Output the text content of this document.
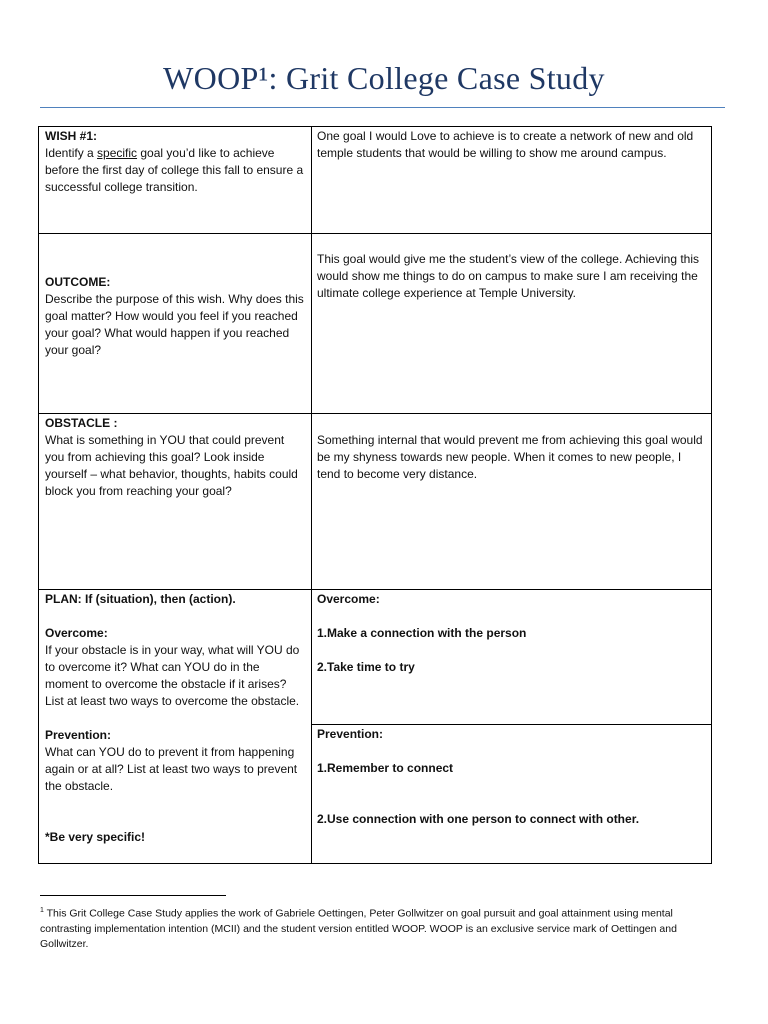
WOOP¹: Grit College Case Study
WISH #1:
Identify a specific goal you’d like to achieve before the first day of college this fall to ensure a successful college transition.
One goal I would Love to achieve is to create a network of new and old temple students that would be willing to show me around campus.
OUTCOME:
Describe the purpose of this wish. Why does this goal matter? How would you feel if you reached your goal? What would happen if you reached your goal?
This goal would give me the student’s view of the college. Achieving this would show me things to do on campus to make sure I am receiving the ultimate college experience at Temple University.
OBSTACLE :
What is something in YOU that could prevent you from achieving this goal? Look inside yourself – what behavior, thoughts, habits could block you from reaching your goal?
Something internal that would prevent me from achieving this goal would be my shyness towards new people. When it comes to new people, I tend to become very distance.
PLAN: If (situation), then (action).
Overcome:
If your obstacle is in your way, what will YOU do to overcome it? What can YOU do in the moment to overcome the obstacle if it arises? List at least two ways to overcome the obstacle.
Prevention:
What can YOU do to prevent it from happening again or at all? List at least two ways to prevent the obstacle.
*Be very specific!
Overcome:
1.Make a connection with the person
2.Take time to try
Prevention:
1.Remember to connect
2.Use connection with one person to connect with other.
$^1$ This Grit College Case Study applies the work of Gabriele Oettingen, Peter Gollwitzer on goal pursuit and goal attainment using mental contrasting implementation intention (MCII) and the student version entitled WOOP. WOOP is an exclusive service mark of Oettingen and Gollwitzer.
